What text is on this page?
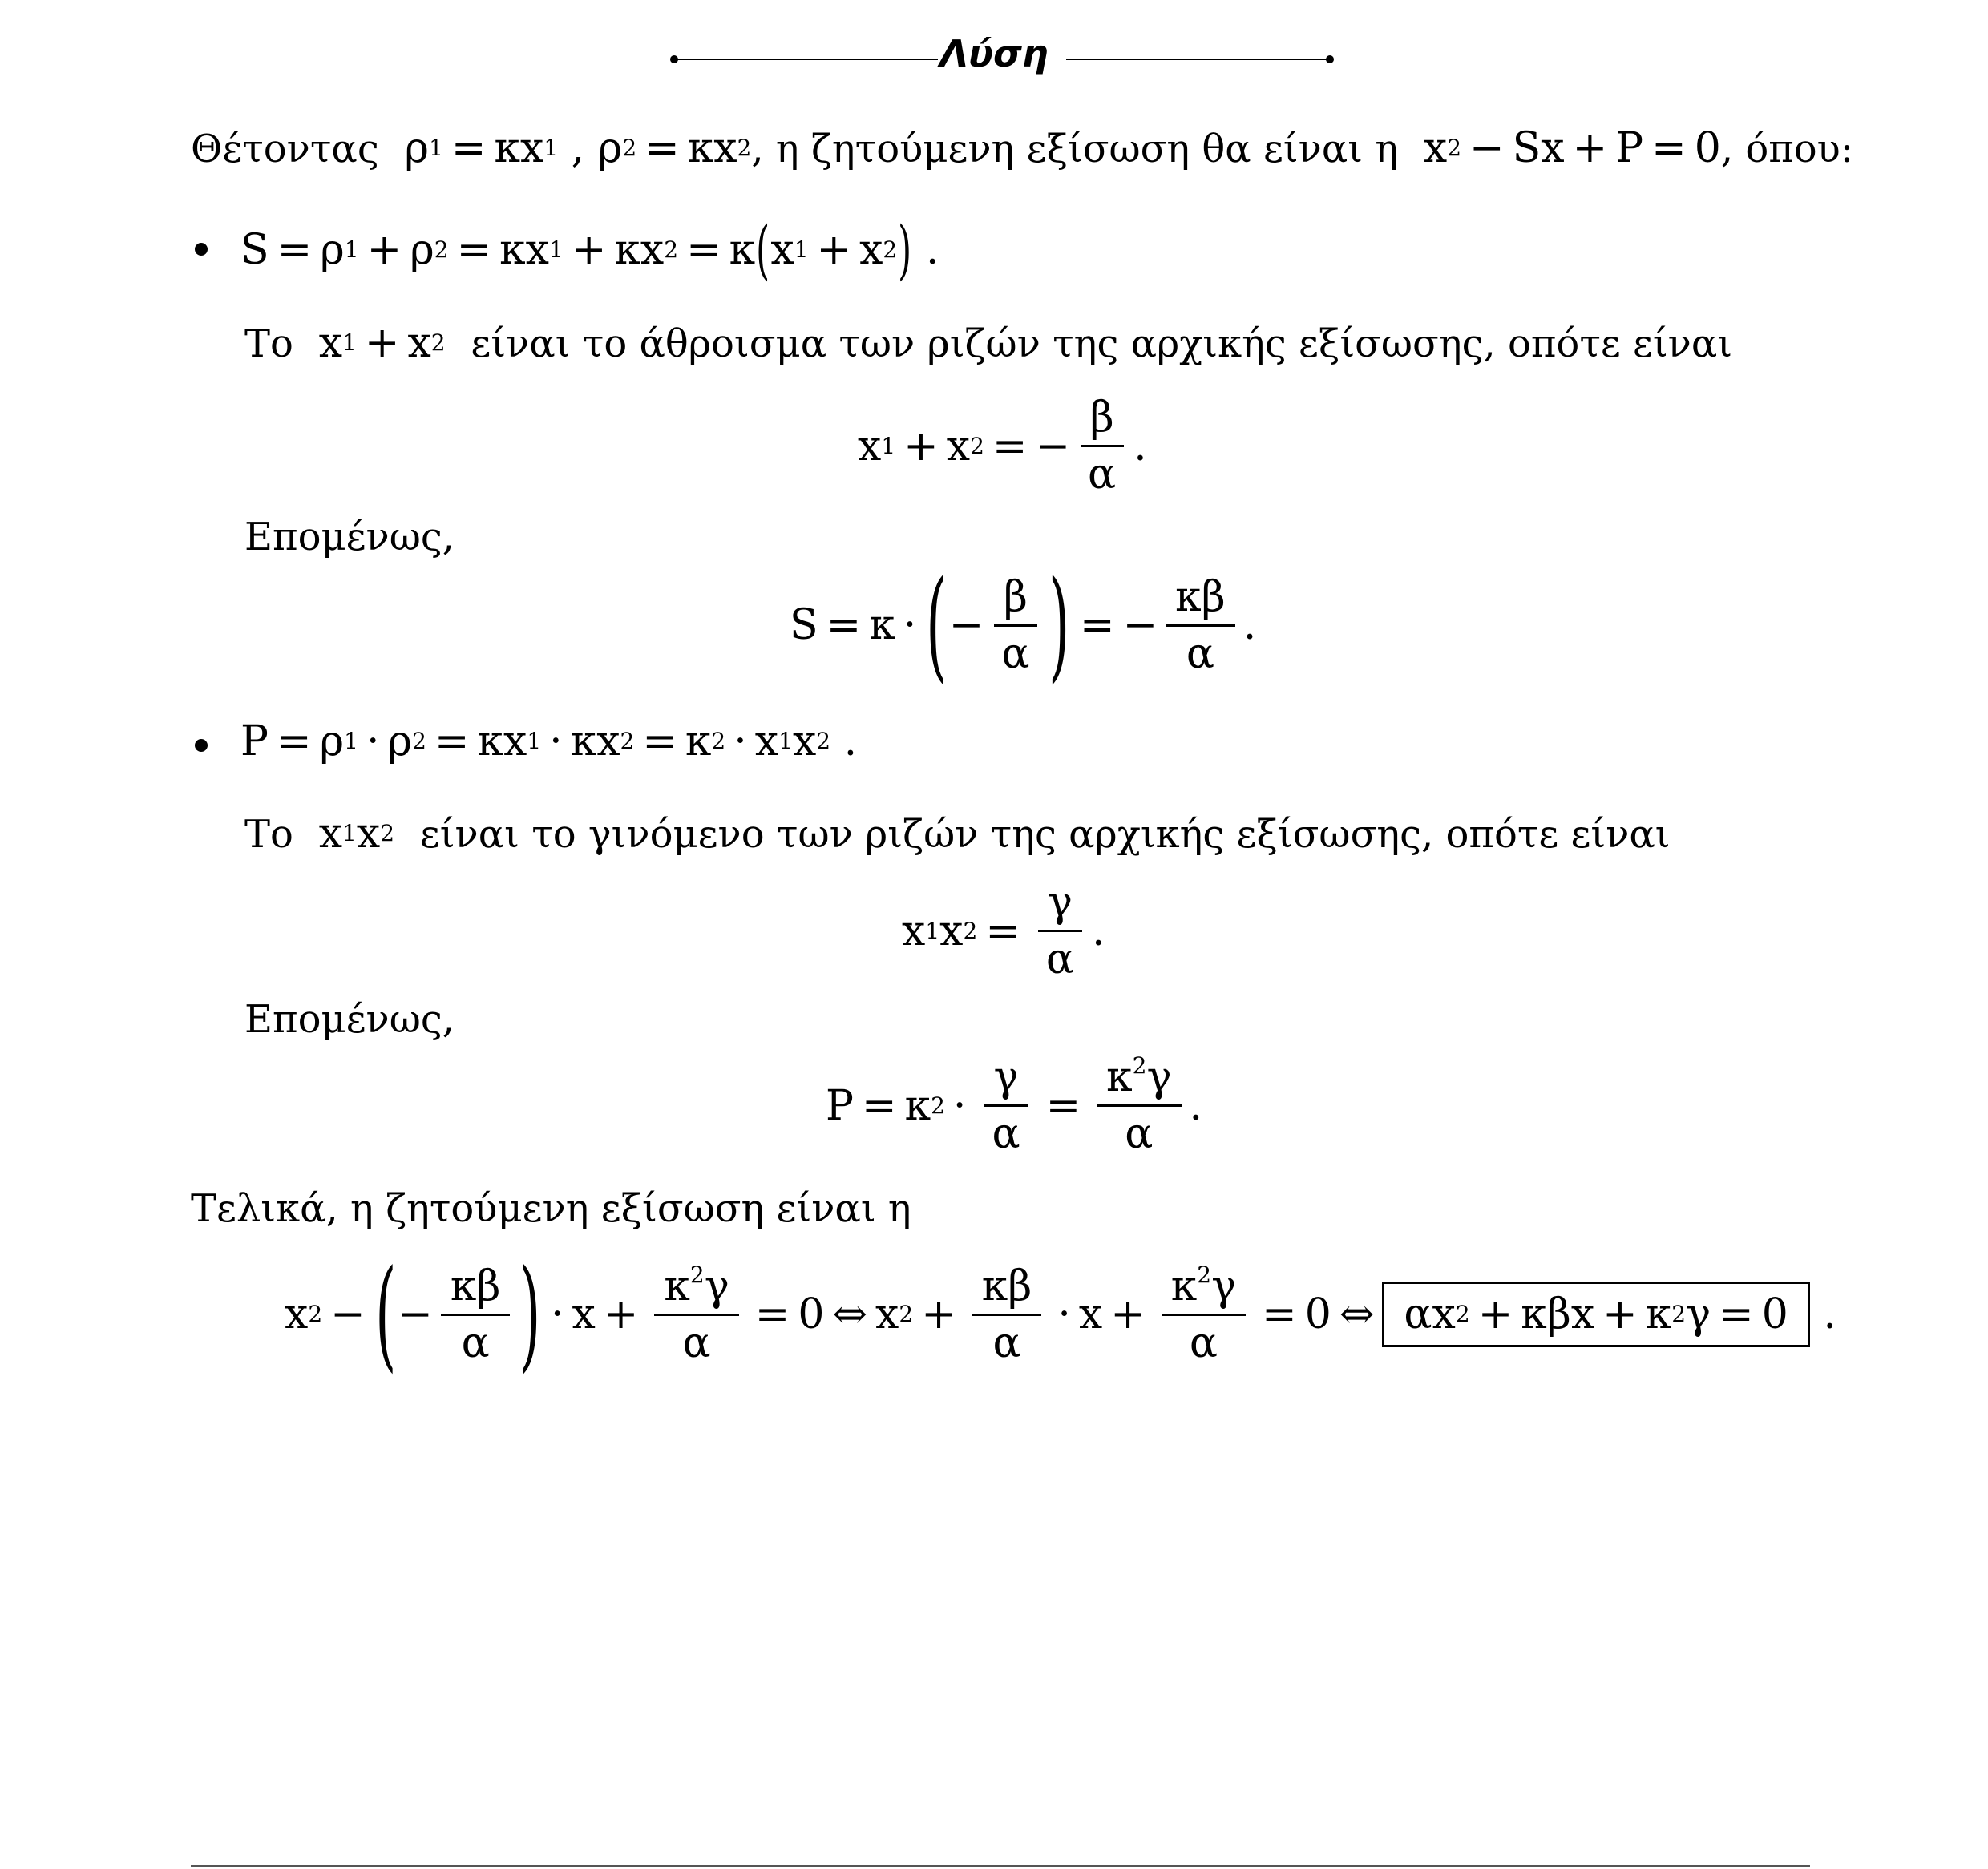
Λύση
Θέτοντας  ρ 1 = κx 1 , ρ 2 = κx 2 , η ζητούμενη εξίσωση θα είναι η  x 2 − Sx + P = 0, όπου:
S = ρ 1 + ρ 2 = κx 1 + κx 2 = κ ( x 1 + x 2 ) .
Το  x 1 + x 2 είναι το άθροισμα των ριζών της αρχικής εξίσωσης, οπότε είναι
x 1 + x 2 = − $\frac{\beta}{\alpha}$ .
Επομένως,
S = κ · ( − $\frac{\beta}{\alpha}$ ) = − $\frac{\kappa\beta}{\alpha}$ .
P = ρ 1 · ρ 2 = κx 1 · κx 2 = κ 2 · x 1 x 2 .
Το  x 1 x 2 είναι το γινόμενο των ριζών της αρχικής εξίσωσης, οπότε είναι
x 1 x $2 = \frac{\gamma}{\alpha}$ .
Επομένως,
P = κ $2 \cdot \frac{\gamma}{\alpha} = \frac{\kappa^2\gamma}{\alpha}$ .
Τελικά, η ζητούμενη εξίσωση είναι η
x 2 − ( − $\frac{\kappa\beta}{\alpha}$ ) · $x + \frac{\kappa^2\gamma}{\alpha} = 0$ ⇔ x $2 + \frac{\kappa\beta}{\alpha} \cdot x + \frac{\kappa^2\gamma}{\alpha} = 0$ ⇔ αx 2 + κβx + κ 2 γ = 0 .
